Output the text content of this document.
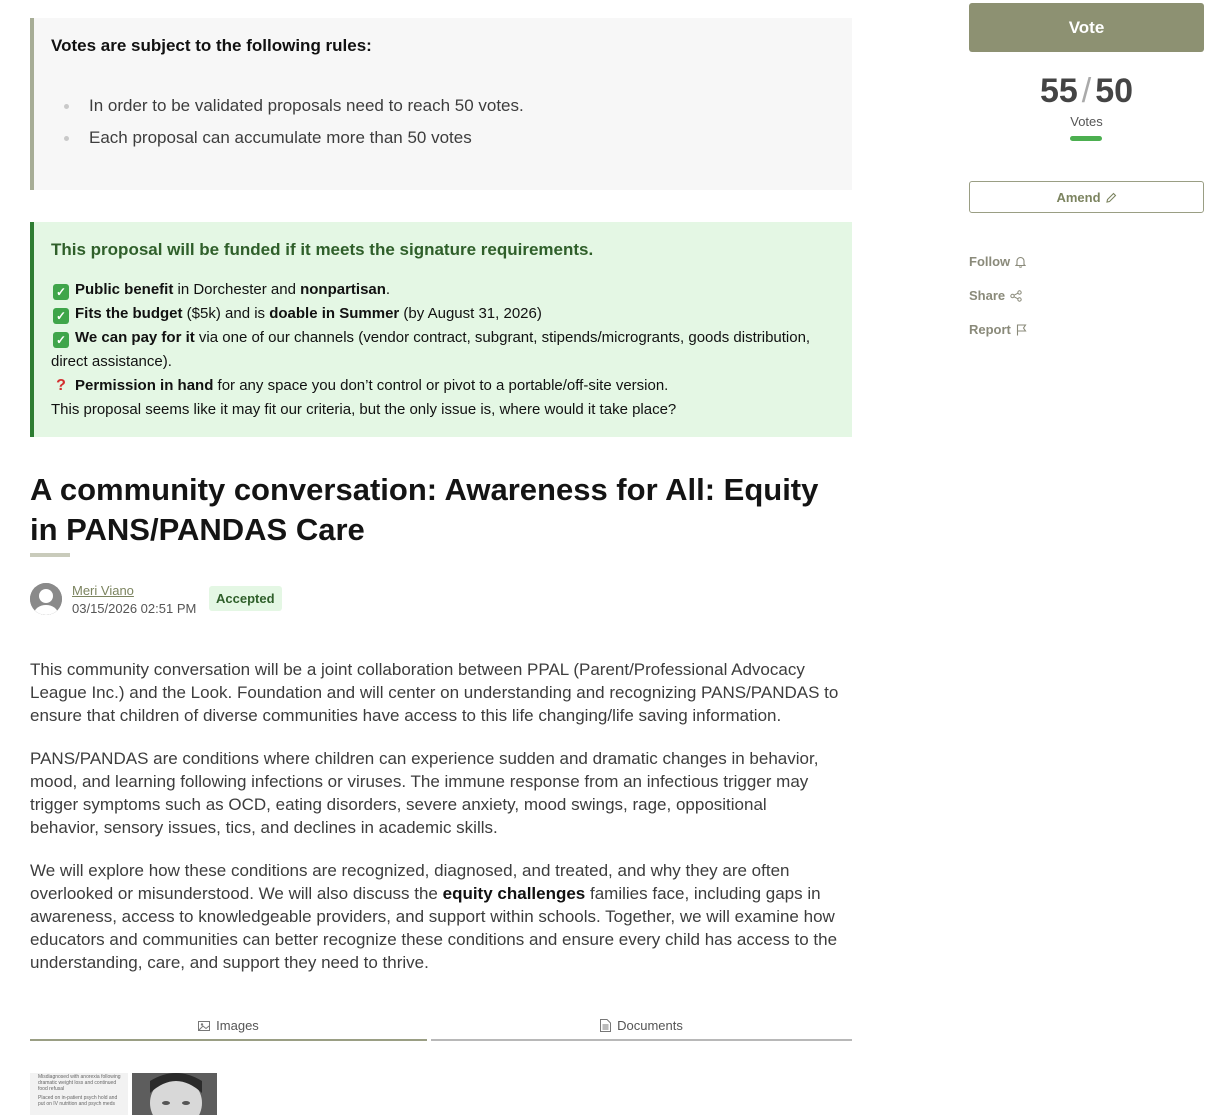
Votes are subject to the following rules:
In order to be validated proposals need to reach 50 votes.
Each proposal can accumulate more than 50 votes
This proposal will be funded if it meets the signature requirements.
✓ Public benefit in Dorchester and nonpartisan.
✓ Fits the budget ($5k) and is doable in Summer (by August 31, 2026)
✓ We can pay for it via one of our channels (vendor contract, subgrant, stipends/microgrants, goods distribution, direct assistance).
? Permission in hand for any space you don’t control or pivot to a portable/off-site version.
This proposal seems like it may fit our criteria, but the only issue is, where would it take place?
A community conversation: Awareness for All: Equity in PANS/PANDAS Care
Meri Viano
03/15/2026 02:51 PM
Accepted

This community conversation will be a joint collaboration between PPAL (Parent/Professional Advocacy League Inc.) and the Look. Foundation and will center on understanding and recognizing PANS/PANDAS to ensure that children of diverse communities have access to this life changing/life saving information.

PANS/PANDAS are conditions where children can experience sudden and dramatic changes in behavior, mood, and learning following infections or viruses. The immune response from an infectious trigger may trigger symptoms such as OCD, eating disorders, severe anxiety, mood swings, rage, oppositional behavior, sensory issues, tics, and declines in academic skills.

We will explore how these conditions are recognized, diagnosed, and treated, and why they are often overlooked or misunderstood. We will also discuss the equity challenges families face, including gaps in awareness, access to knowledgeable providers, and support within schools. Together, we will examine how educators and communities can better recognize these conditions and ensure every child has access to the understanding, care, and support they need to thrive.

Images	Documents
Misdiagnosed with anorexia following dramatic weight loss and continued food refusal
Placed on in-patient psych hold and put on IV nutrition and psych meds
Vote
55 / 50
Votes
Amend
Follow
Share
Report
